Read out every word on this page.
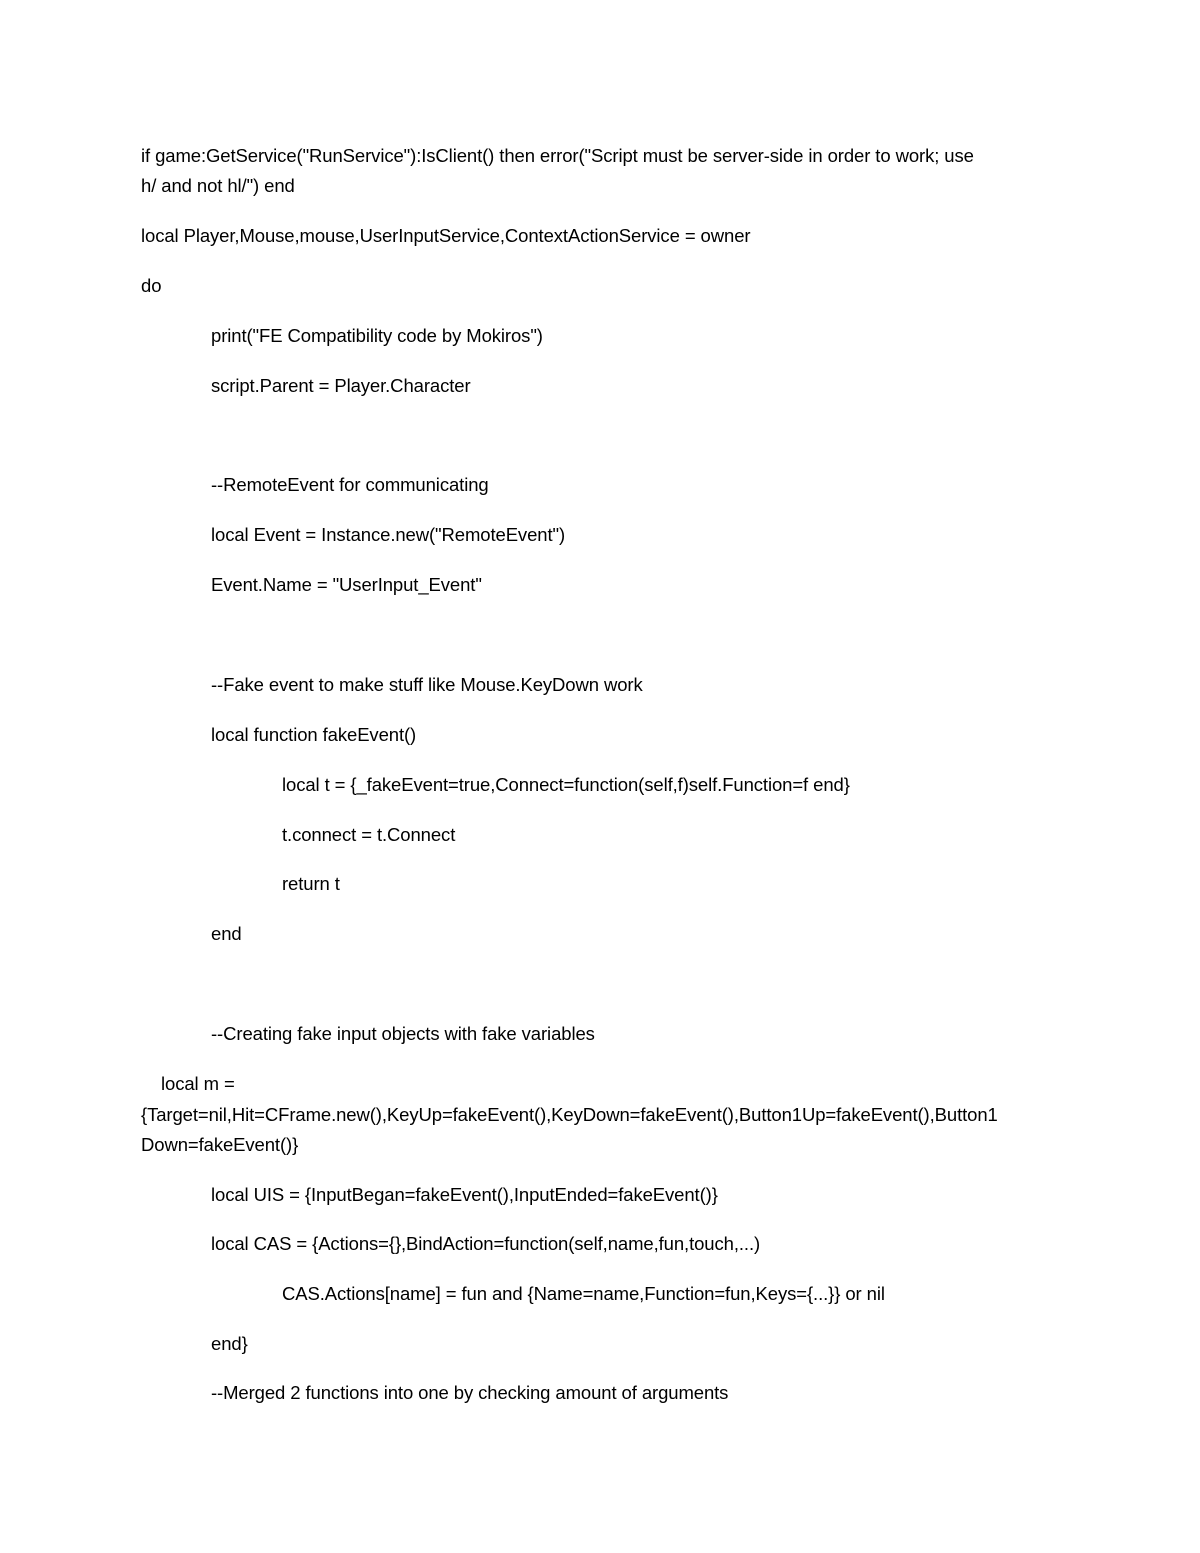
if game:GetService("RunService"):IsClient() then error("Script must be server-side in order to work; use
h/ and not hl/") end
local Player,Mouse,mouse,UserInputService,ContextActionService = owner
do
print("FE Compatibility code by Mokiros")
script.Parent = Player.Character
--RemoteEvent for communicating
local Event = Instance.new("RemoteEvent")
Event.Name = "UserInput_Event"
--Fake event to make stuff like Mouse.KeyDown work
local function fakeEvent()
local t = {_fakeEvent=true,Connect=function(self,f)self.Function=f end}
t.connect = t.Connect
return t
end
--Creating fake input objects with fake variables
local m =
{Target=nil,Hit=CFrame.new(),KeyUp=fakeEvent(),KeyDown=fakeEvent(),Button1Up=fakeEvent(),Button1
Down=fakeEvent()}
local UIS = {InputBegan=fakeEvent(),InputEnded=fakeEvent()}
local CAS = {Actions={},BindAction=function(self,name,fun,touch,...)
CAS.Actions[name] = fun and {Name=name,Function=fun,Keys={...}} or nil
end}
--Merged 2 functions into one by checking amount of arguments
